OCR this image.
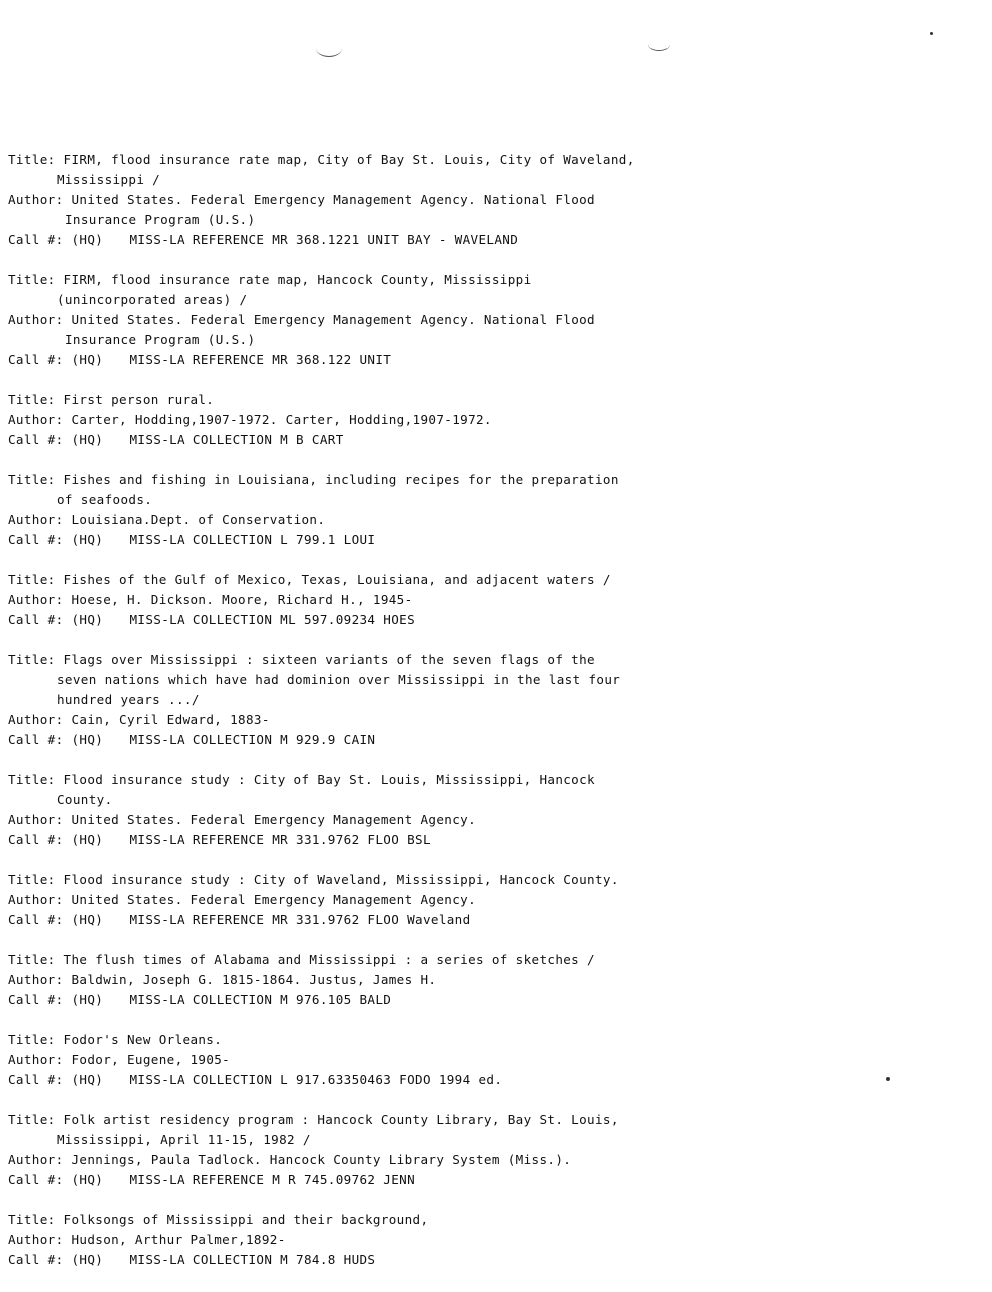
Title: FIRM, flood insurance rate map, City of Bay St. Louis, City of Waveland,
Mississippi /
Author: United States. Federal Emergency Management Agency. National Flood
Insurance Program (U.S.)
Call #: (HQ) MISS-LA REFERENCE MR 368.1221 UNIT BAY - WAVELAND
Title: FIRM, flood insurance rate map, Hancock County, Mississippi
(unincorporated areas) /
Author: United States. Federal Emergency Management Agency. National Flood
Insurance Program (U.S.)
Call #: (HQ) MISS-LA REFERENCE MR 368.122 UNIT
Title: First person rural.
Author: Carter, Hodding,1907-1972. Carter, Hodding,1907-1972.
Call #: (HQ) MISS-LA COLLECTION M B CART
Title: Fishes and fishing in Louisiana, including recipes for the preparation
of seafoods.
Author: Louisiana.Dept. of Conservation.
Call #: (HQ) MISS-LA COLLECTION L 799.1 LOUI
Title: Fishes of the Gulf of Mexico, Texas, Louisiana, and adjacent waters /
Author: Hoese, H. Dickson. Moore, Richard H., 1945-
Call #: (HQ) MISS-LA COLLECTION ML 597.09234 HOES
Title: Flags over Mississippi : sixteen variants of the seven flags of the
seven nations which have had dominion over Mississippi in the last four
hundred years .../
Author: Cain, Cyril Edward, 1883-
Call #: (HQ) MISS-LA COLLECTION M 929.9 CAIN
Title: Flood insurance study : City of Bay St. Louis, Mississippi, Hancock
County.
Author: United States. Federal Emergency Management Agency.
Call #: (HQ) MISS-LA REFERENCE MR 331.9762 FLOO BSL
Title: Flood insurance study : City of Waveland, Mississippi, Hancock County.
Author: United States. Federal Emergency Management Agency.
Call #: (HQ) MISS-LA REFERENCE MR 331.9762 FLOO Waveland
Title: The flush times of Alabama and Mississippi : a series of sketches /
Author: Baldwin, Joseph G. 1815-1864. Justus, James H.
Call #: (HQ) MISS-LA COLLECTION M 976.105 BALD
Title: Fodor's New Orleans.
Author: Fodor, Eugene, 1905-
Call #: (HQ) MISS-LA COLLECTION L 917.63350463 FODO 1994 ed.
Title: Folk artist residency program : Hancock County Library, Bay St. Louis,
Mississippi, April 11-15, 1982 /
Author: Jennings, Paula Tadlock. Hancock County Library System (Miss.).
Call #: (HQ) MISS-LA REFERENCE M R 745.09762 JENN
Title: Folksongs of Mississippi and their background,
Author: Hudson, Arthur Palmer,1892-
Call #: (HQ) MISS-LA COLLECTION M 784.8 HUDS
